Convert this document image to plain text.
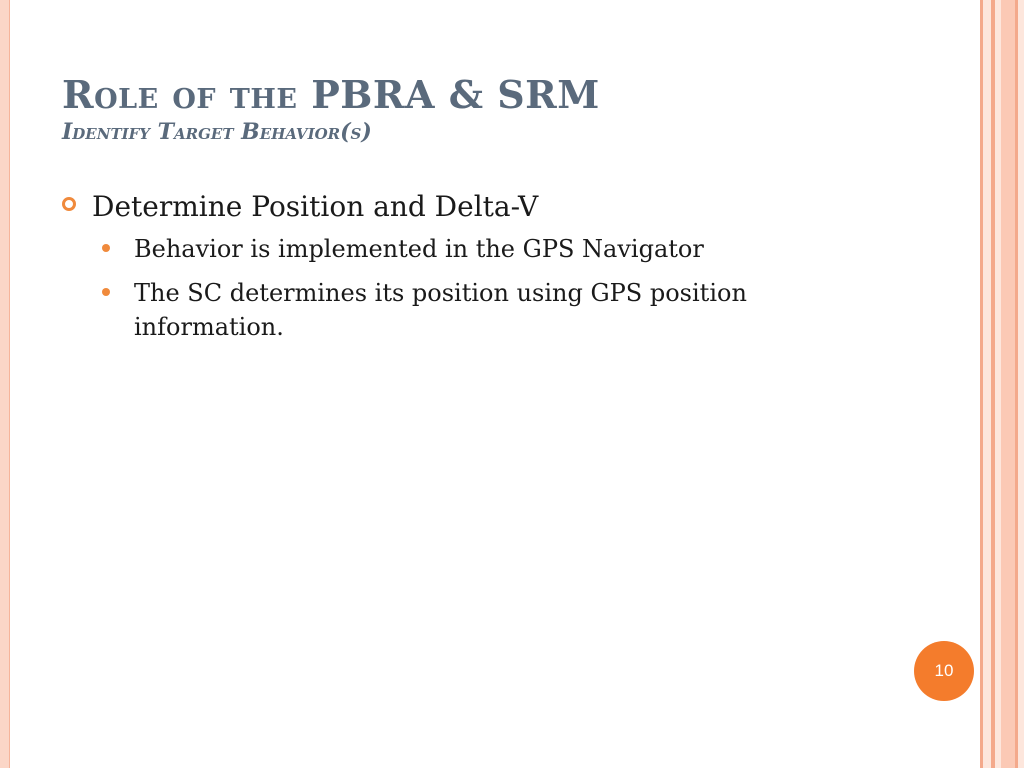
Role of the PBRA & SRM
Identify Target Behavior(s)
Determine Position and Delta-V
Behavior is implemented in the GPS Navigator
The SC determines its position using GPS position information.
10
